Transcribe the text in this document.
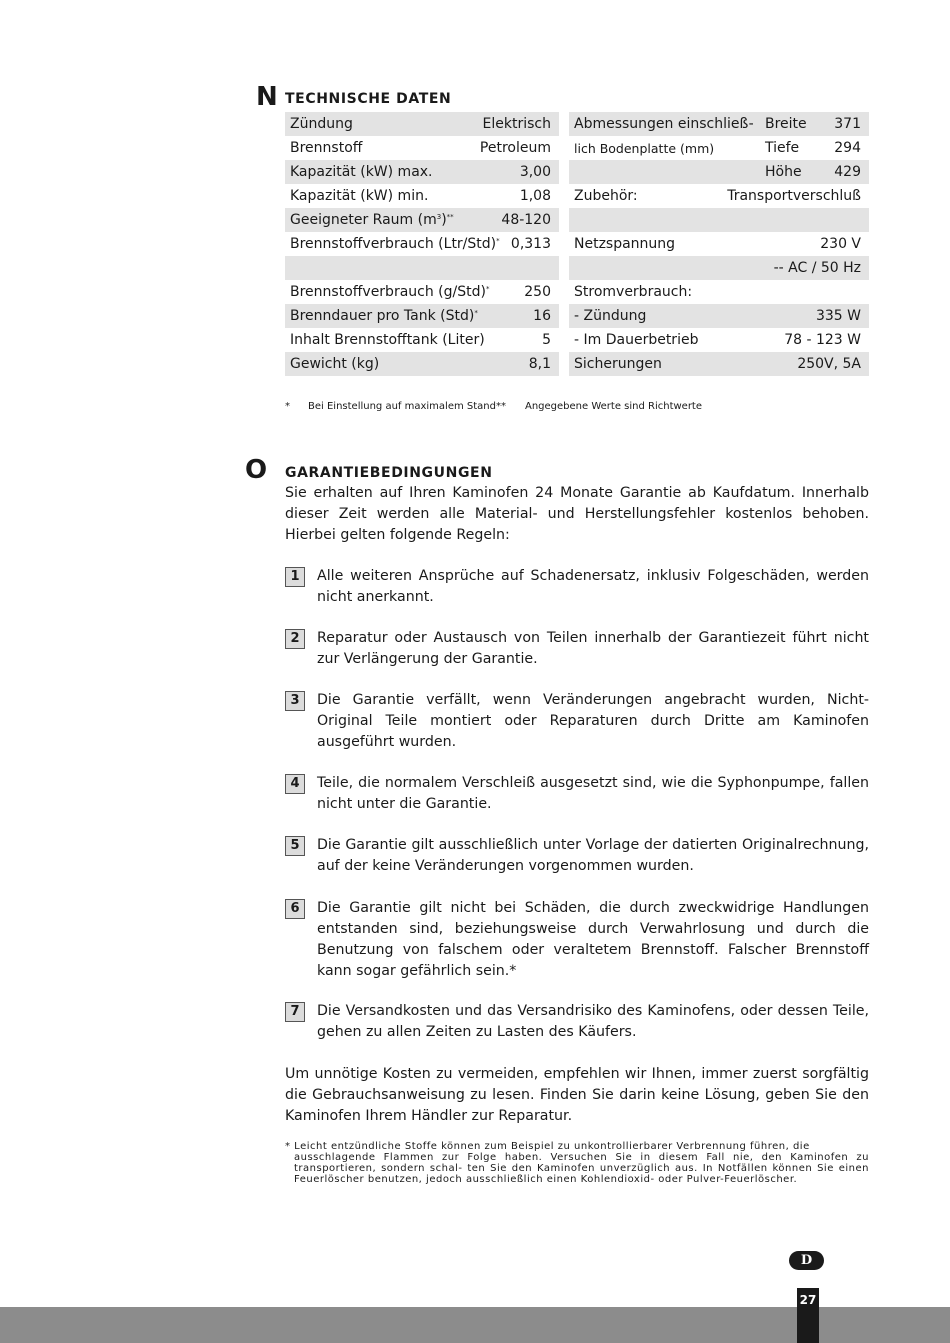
N TECHNISCHE DATEN
Zündung	Elektrisch
Brennstoff	Petroleum
Kapazität (kW) max.	3,00
Kapazität (kW) min.	1,08
Geeigneter Raum $(m^3)^{**}$	48-120
Brennstoffverbrauch (Ltr/Std)* 0,313
Brennstoffverbrauch (g/Std)*	250
Brenndauer pro Tank (Std)*	16
Inhalt Brennstofftank (Liter)	5
Gewicht (kg)	8,1
Abmessungen einschließ- Breite	371
lich Bodenplatte (mm)	Tiefe	294
Höhe	429
Zubehör:	Transportverschluß
Netzspannung	230 V
-- AC / 50 Hz
Stromverbrauch:
- Zündung	335 W
- Im Dauerbetrieb	78 - 123 W
Sicherungen	250V, 5A
* Bei Einstellung auf maximalem Stand** Angegebene Werte sind Richtwerte
O GARANTIEBEDINGUNGEN
Sie erhalten auf Ihren Kaminofen 24 Monate Garantie ab Kaufdatum. Innerhalb dieser Zeit werden alle Material- und Herstellungsfehler kostenlos behoben. Hierbei gelten folgende Regeln:
1	Alle weiteren Ansprüche auf Schadenersatz, inklusiv Folgeschäden, werden nicht anerkannt.
2	Reparatur oder Austausch von Teilen innerhalb der Garantiezeit führt nicht zur Verlängerung der Garantie.
3	Die Garantie verfällt, wenn Veränderungen angebracht wurden, Nicht- Original Teile montiert oder Reparaturen durch Dritte am Kaminofen ausgeführt wurden.
4	Teile, die normalem Verschleiß ausgesetzt sind, wie die Syphonpumpe, fallen nicht unter die Garantie.
5	Die Garantie gilt ausschließlich unter Vorlage der datierten Originalrechnung, auf der keine Veränderungen vorgenommen wurden.
6	Die Garantie gilt nicht bei Schäden, die durch zweckwidrige Handlungen entstanden sind, beziehungsweise durch Verwahrlosung und durch die Benutzung von falschem oder veraltetem Brennstoff. Falscher Brennstoff kann sogar gefährlich sein.*
7	Die Versandkosten und das Versandrisiko des Kaminofens, oder dessen Teile, gehen zu allen Zeiten zu Lasten des Käufers.
Um unnötige Kosten zu vermeiden, empfehlen wir Ihnen, immer zuerst sorgfältig die Gebrauchsanweisung zu lesen. Finden Sie darin keine Lösung, geben Sie den Kaminofen Ihrem Händler zur Reparatur.
* Leicht entzündliche Stoffe können zum Beispiel zu unkontrollierbarer Verbrennung führen, die
ausschlagende Flammen zur Folge haben. Versuchen Sie in diesem Fall nie, den Kaminofen zu transportieren, sondern schal- ten Sie den Kaminofen unverzüglich aus. In Notfällen können Sie einen Feuerlöscher benutzen, jedoch ausschließlich einen Kohlendioxid- oder Pulver-Feuerlöscher.
D
27
